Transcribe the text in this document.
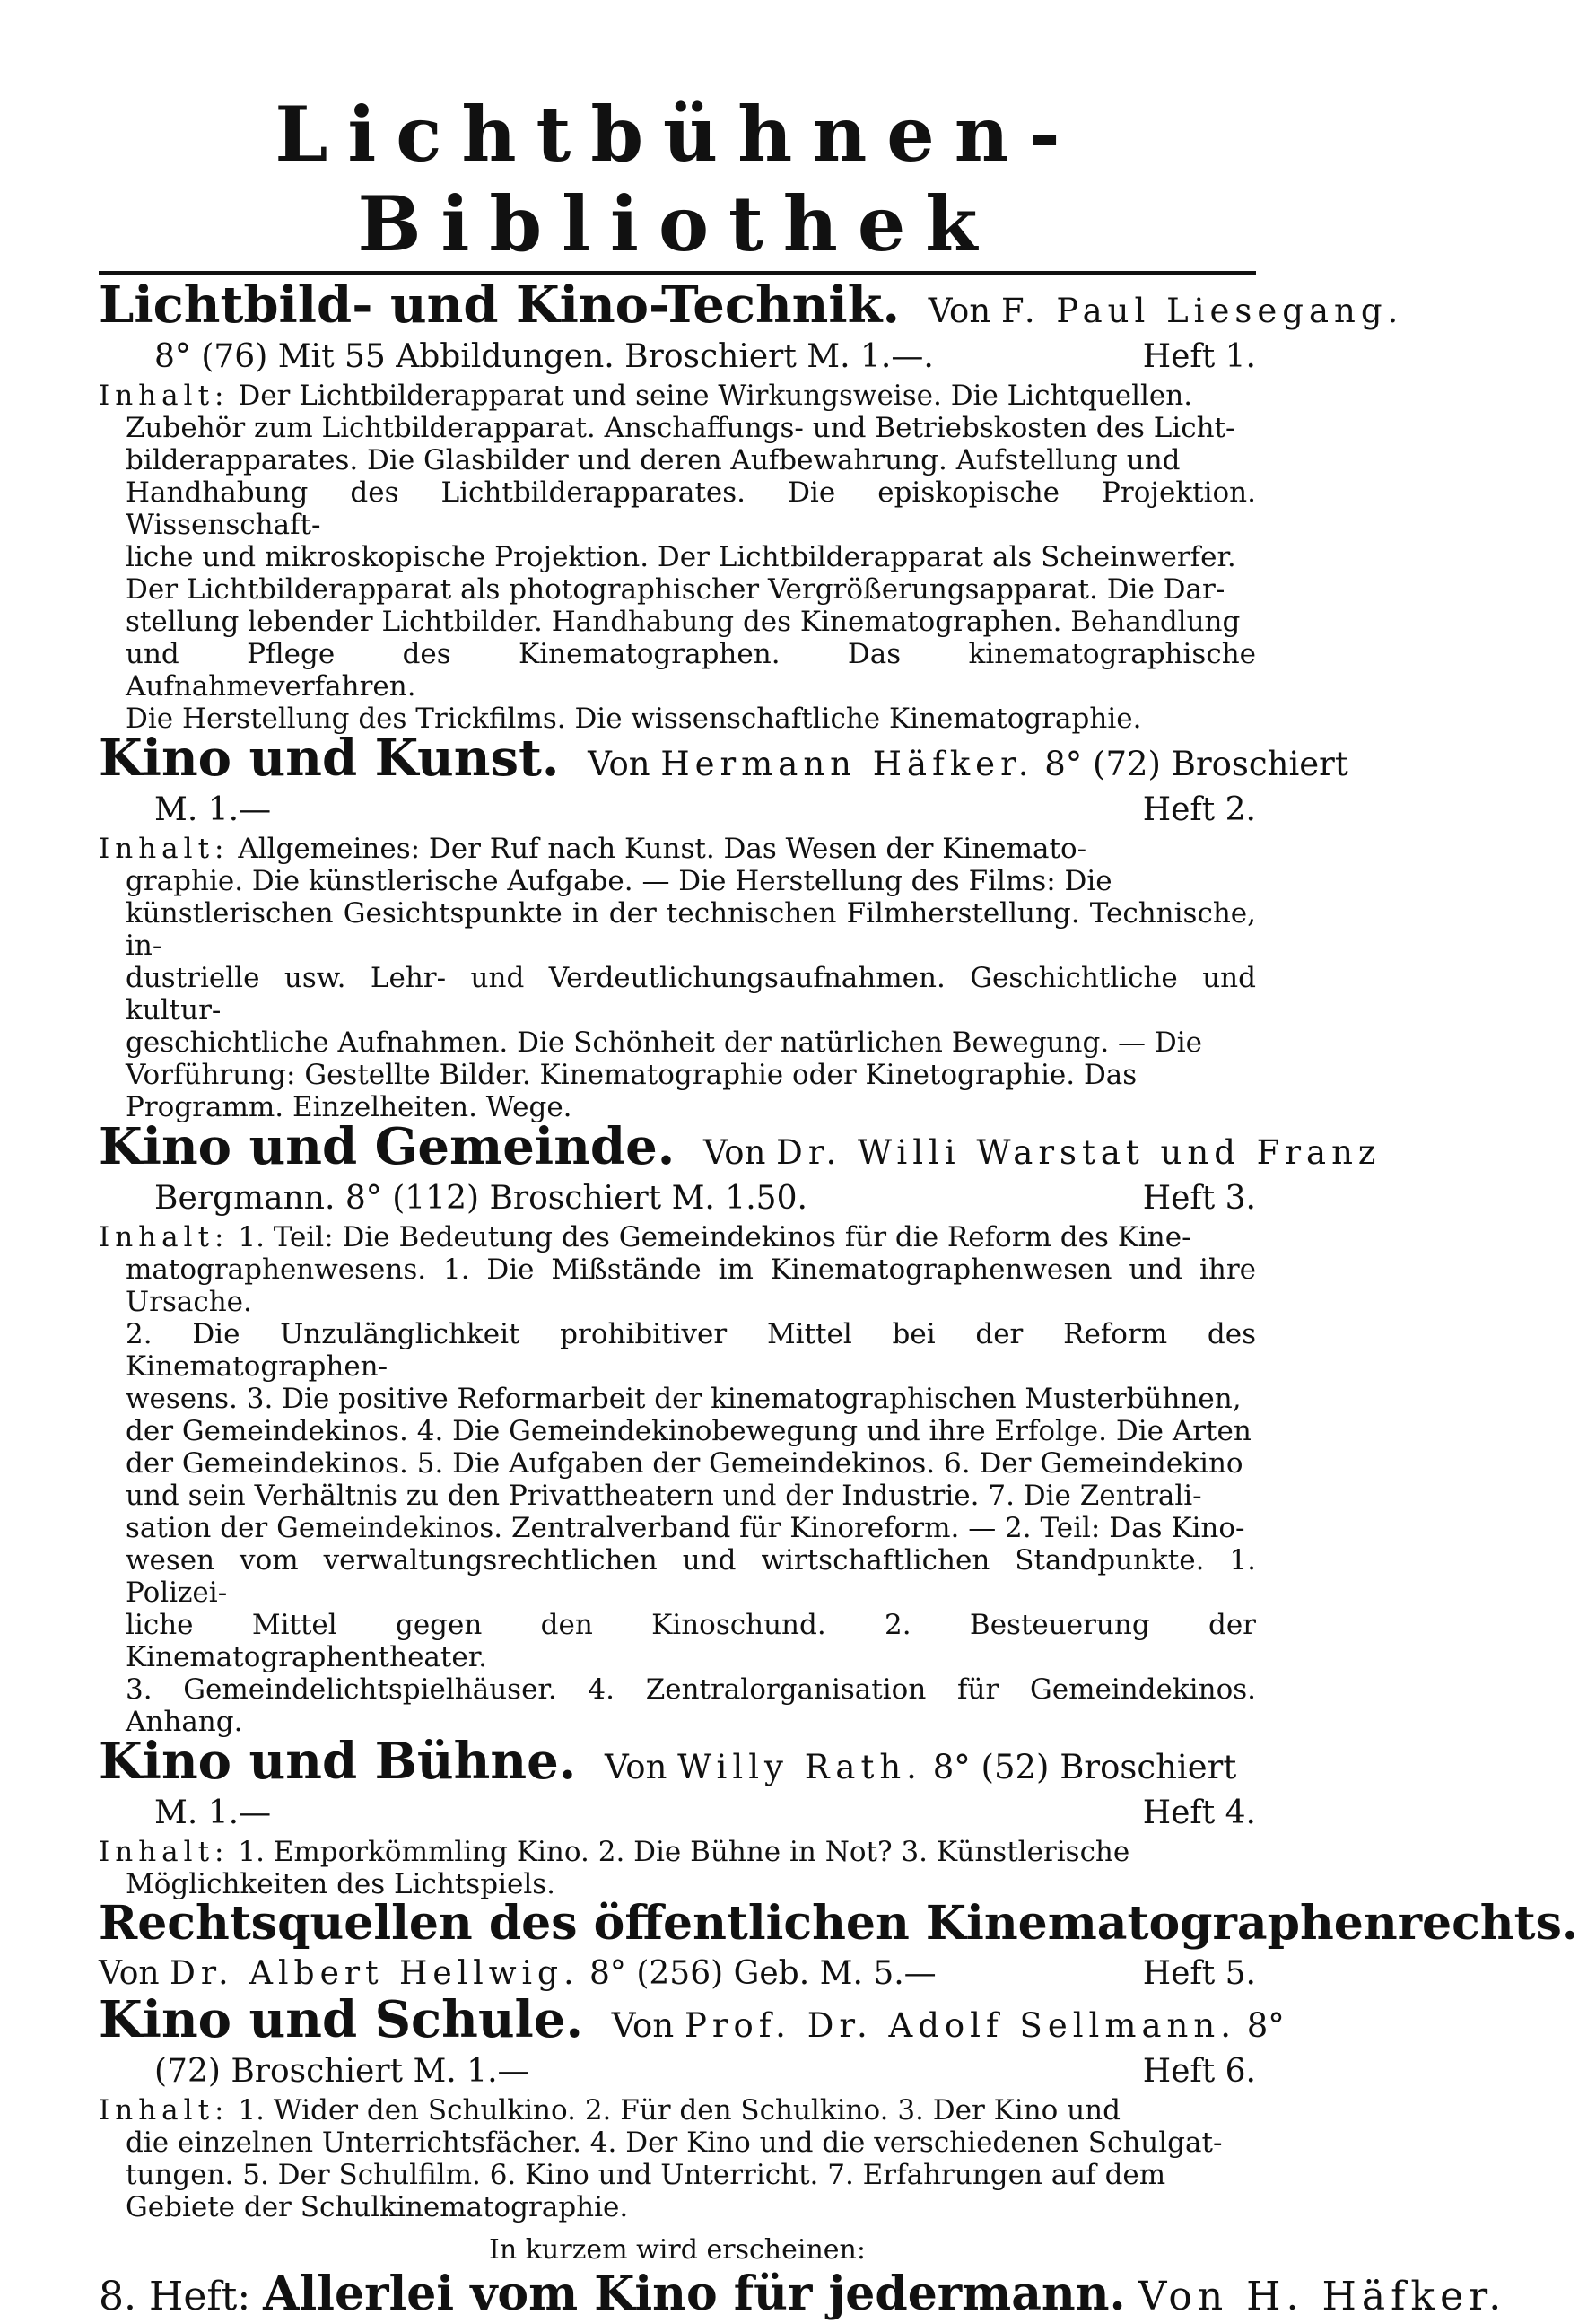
Lichtbühnen-Bibliothek

Lichtbild- und Kino-Technik. Von F. Paul Liesegang.

8° (76) Mit 55 Abbildungen. Broschiert M. 1.—.	Heft 1.

Inhalt: Der Lichtbilderapparat und seine Wirkungsweise. Die Lichtquellen.

Zubehör zum Lichtbilderapparat. Anschaffungs- und Betriebskosten des Licht-

bilderapparates. Die Glasbilder und deren Aufbewahrung. Aufstellung und

Handhabung des Lichtbilderapparates. Die episkopische Projektion. Wissenschaft-

liche und mikroskopische Projektion. Der Lichtbilderapparat als Scheinwerfer.

Der Lichtbilderapparat als photographischer Vergrößerungsapparat. Die Dar-

stellung lebender Lichtbilder. Handhabung des Kinematographen. Behandlung

und Pflege des Kinematographen. Das kinematographische Aufnahmeverfahren.

Die Herstellung des Trickfilms. Die wissenschaftliche Kinematographie.

Kino und Kunst. Von Hermann Häfker. 8° (72) Broschiert

M. 1.—	Heft 2.

Inhalt: Allgemeines: Der Ruf nach Kunst. Das Wesen der Kinemato-

graphie. Die künstlerische Aufgabe. — Die Herstellung des Films: Die

künstlerischen Gesichtspunkte in der technischen Filmherstellung. Technische, in-

dustrielle usw. Lehr- und Verdeutlichungsaufnahmen. Geschichtliche und kultur-

geschichtliche Aufnahmen. Die Schönheit der natürlichen Bewegung. — Die

Vorführung: Gestellte Bilder. Kinematographie oder Kinetographie. Das

Programm. Einzelheiten. Wege.

Kino und Gemeinde. Von Dr. Willi Warstat und Franz

Bergmann. 8° (112) Broschiert M. 1.50.	Heft 3.

Inhalt: 1. Teil: Die Bedeutung des Gemeindekinos für die Reform des Kine-

matographenwesens. 1. Die Mißstände im Kinematographenwesen und ihre Ursache.

2. Die Unzulänglichkeit prohibitiver Mittel bei der Reform des Kinematographen-

wesens. 3. Die positive Reformarbeit der kinematographischen Musterbühnen,

der Gemeindekinos. 4. Die Gemeindekinobewegung und ihre Erfolge. Die Arten

der Gemeindekinos. 5. Die Aufgaben der Gemeindekinos. 6. Der Gemeindekino

und sein Verhältnis zu den Privattheatern und der Industrie. 7. Die Zentrali-

sation der Gemeindekinos. Zentralverband für Kinoreform. — 2. Teil: Das Kino-

wesen vom verwaltungsrechtlichen und wirtschaftlichen Standpunkte. 1. Polizei-

liche Mittel gegen den Kinoschund. 2. Besteuerung der Kinematographentheater.

3. Gemeindelichtspielhäuser. 4. Zentralorganisation für Gemeindekinos. Anhang.

Kino und Bühne. Von Willy Rath. 8° (52) Broschiert

M. 1.—	Heft 4.

Inhalt: 1. Emporkömmling Kino. 2. Die Bühne in Not? 3. Künstlerische

Möglichkeiten des Lichtspiels.

Rechtsquellen des öffentlichen Kinematographenrechts.

Von Dr. Albert Hellwig. 8° (256) Geb. M. 5.—	Heft 5.

Kino und Schule. Von Prof. Dr. Adolf Sellmann. 8°

(72) Broschiert M. 1.—	Heft 6.

Inhalt: 1. Wider den Schulkino. 2. Für den Schulkino. 3. Der Kino und

die einzelnen Unterrichtsfächer. 4. Der Kino und die verschiedenen Schulgat-

tungen. 5. Der Schulfilm. 6. Kino und Unterricht. 7. Erfahrungen auf dem

Gebiete der Schulkinematographie.

In kurzem wird erscheinen:

8. Heft: Allerlei vom Kino für jedermann. Von H. Häfker.
